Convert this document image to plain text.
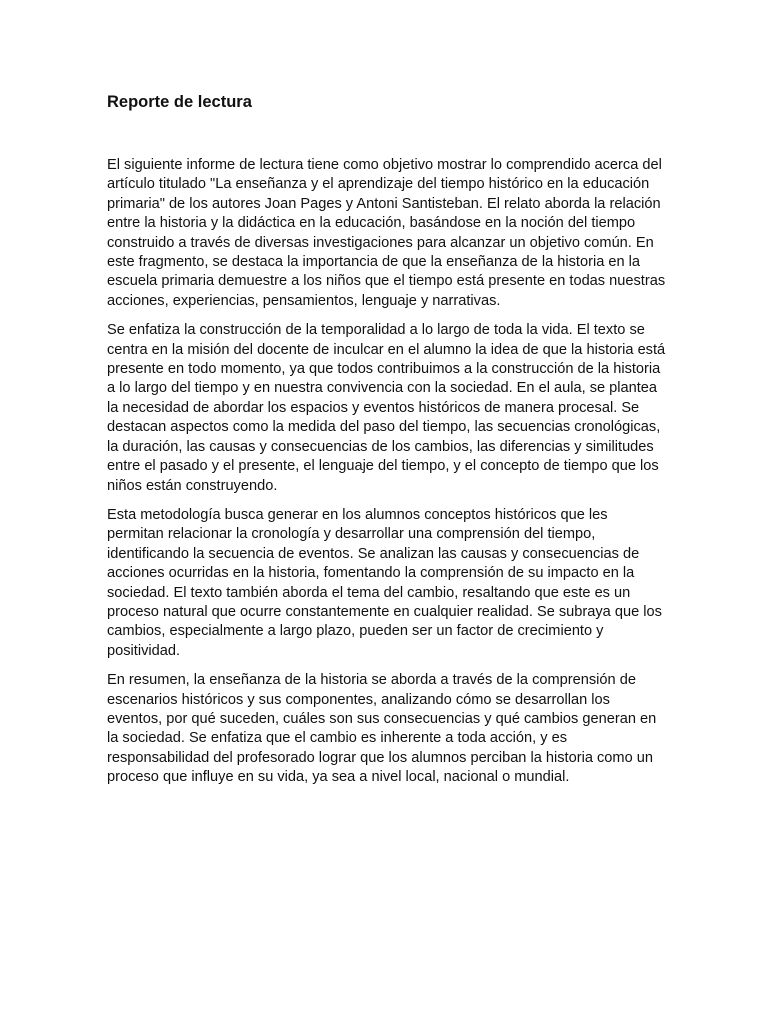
Reporte de lectura

El siguiente informe de lectura tiene como objetivo mostrar lo comprendido acerca del artículo titulado "La enseñanza y el aprendizaje del tiempo histórico en la educación primaria" de los autores Joan Pages y Antoni Santisteban. El relato aborda la relación entre la historia y la didáctica en la educación, basándose en la noción del tiempo construido a través de diversas investigaciones para alcanzar un objetivo común. En este fragmento, se destaca la importancia de que la enseñanza de la historia en la escuela primaria demuestre a los niños que el tiempo está presente en todas nuestras acciones, experiencias, pensamientos, lenguaje y narrativas.

Se enfatiza la construcción de la temporalidad a lo largo de toda la vida. El texto se centra en la misión del docente de inculcar en el alumno la idea de que la historia está presente en todo momento, ya que todos contribuimos a la construcción de la historia a lo largo del tiempo y en nuestra convivencia con la sociedad. En el aula, se plantea la necesidad de abordar los espacios y eventos históricos de manera procesal. Se destacan aspectos como la medida del paso del tiempo, las secuencias cronológicas, la duración, las causas y consecuencias de los cambios, las diferencias y similitudes entre el pasado y el presente, el lenguaje del tiempo, y el concepto de tiempo que los niños están construyendo.

Esta metodología busca generar en los alumnos conceptos históricos que les permitan relacionar la cronología y desarrollar una comprensión del tiempo, identificando la secuencia de eventos. Se analizan las causas y consecuencias de acciones ocurridas en la historia, fomentando la comprensión de su impacto en la sociedad. El texto también aborda el tema del cambio, resaltando que este es un proceso natural que ocurre constantemente en cualquier realidad. Se subraya que los cambios, especialmente a largo plazo, pueden ser un factor de crecimiento y positividad.

En resumen, la enseñanza de la historia se aborda a través de la comprensión de escenarios históricos y sus componentes, analizando cómo se desarrollan los eventos, por qué suceden, cuáles son sus consecuencias y qué cambios generan en la sociedad. Se enfatiza que el cambio es inherente a toda acción, y es responsabilidad del profesorado lograr que los alumnos perciban la historia como un proceso que influye en su vida, ya sea a nivel local, nacional o mundial.
